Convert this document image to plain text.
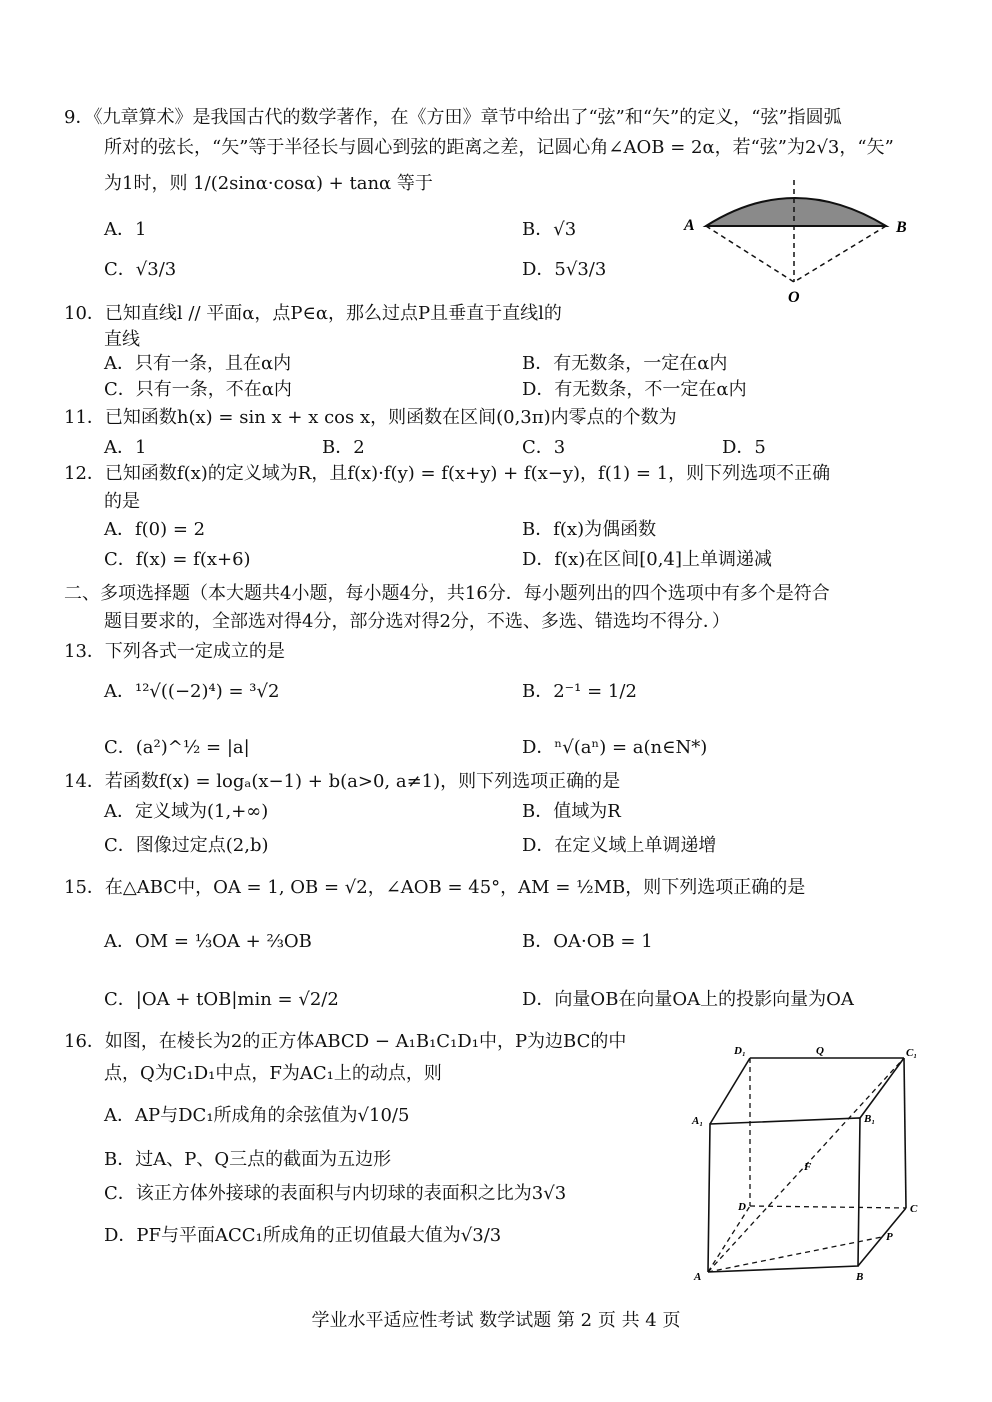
9．《九章算术》是我国古代的数学著作，在《方田》章节中给出了“弦”和“矢”的定义，“弦”指圆弧
所对的弦长，“矢”等于半径长与圆心到弦的距离之差，记圆心角∠AOB = 2α，若“弦”为2√3，“矢”
为1时，则 1/(2sinα·cosα) + tanα 等于
A．1	B．√3
C．√3/3	D．5√3/3
A	B
O
10．已知直线l // 平面α，点P∈α，那么过点P且垂直于直线l的
直线
A．只有一条，且在α内	B．有无数条，一定在α内
C．只有一条，不在α内	D．有无数条，不一定在α内
11．已知函数h(x) = sin x + x cos x，则函数在区间(0,3π)内零点的个数为
A．1	B．2	C．3	D．5
12．已知函数f(x)的定义域为R，且f(x)·f(y) = f(x+y) + f(x−y)，f(1) = 1，则下列选项不正确
的是
A．f(0) = 2	B．f(x)为偶函数
C．f(x) = f(x+6)	D．f(x)在区间[0,4]上单调递减
二、多项选择题（本大题共4小题，每小题4分，共16分．每小题列出的四个选项中有多个是符合
题目要求的，全部选对得4分，部分选对得2分，不选、多选、错选均不得分．）
13．下列各式一定成立的是
A．¹²√((−2)⁴) = ³√2	B．2⁻¹ = 1/2
C．(a²)^½ = |a|	D．ⁿ√(aⁿ) = a(n∈N*)
14．若函数f(x) = logₐ(x−1) + b(a>0, a≠1)，则下列选项正确的是
A．定义域为(1,+∞)	B．值域为R
C．图像过定点(2,b)	D．在定义域上单调递增
15．在△ABC中，OA = 1, OB = √2，∠AOB = 45°，AM = ½MB，则下列选项正确的是
A．OM = ⅓OA + ⅔OB	B．OA·OB = 1
C．|OA + tOB|min = √2/2	D．向量OB在向量OA上的投影向量为OA
16．如图，在棱长为2的正方体ABCD − A₁B₁C₁D₁中，P为边BC的中
点，Q为C₁D₁中点，F为AC₁上的动点，则
A．AP与DC₁所成角的余弦值为√10/5
B．过A、P、Q三点的截面为五边形
C．该正方体外接球的表面积与内切球的表面积之比为3√3
D．PF与平面ACC₁所成角的正切值最大值为√3/3
D₁	Q	C₁
A₁	B₁
F
D	C
P
A	B
学业水平适应性考试 数学试题 第 2 页 共 4 页
